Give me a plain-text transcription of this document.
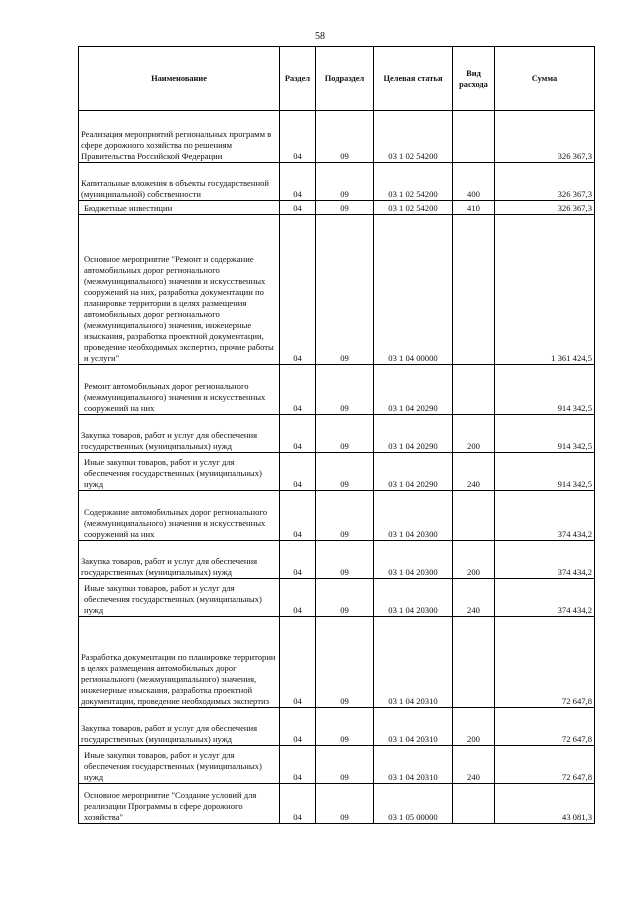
58
Наименование	Раздел	Подраздел	Целевая статья	Вид расхода	Сумма
Реализация мероприятий региональных программ в сфере дорожного хозяйства по решениям Правительства Российской Федерации	04	09	03 1 02 54200		326 367,3
Капитальные вложения в объекты государственной (муниципальной) собственности	04	09	03 1 02 54200	400	326 367,3
Бюджетные инвестиции	04	09	03 1 02 54200	410	326 367,3
Основное мероприятие "Ремонт и содержание автомобильных дорог регионального (межмуниципального) значения и искусственных сооружений на них, разработка документации по планировке территории в целях размещения автомобильных дорог регионального (межмуниципального) значения, инженерные изыскания, разработка проектной документации, проведение необходимых экспертиз, прочие работы и услуги"	04	09	03 1 04 00000		1 361 424,5
Ремонт автомобильных дорог регионального (межмуниципального) значения и искусственных сооружений на них	04	09	03 1 04 20290		914 342,5
Закупка товаров, работ и услуг для обеспечения государственных (муниципальных) нужд	04	09	03 1 04 20290	200	914 342,5
Иные закупки товаров, работ и услуг для обеспечения государственных (муниципальных) нужд	04	09	03 1 04 20290	240	914 342,5
Содержание автомобильных дорог регионального (межмуниципального) значения и искусственных сооружений на них	04	09	03 1 04 20300		374 434,2
Закупка товаров, работ и услуг для обеспечения государственных (муниципальных) нужд	04	09	03 1 04 20300	200	374 434,2
Иные закупки товаров, работ и услуг для обеспечения государственных (муниципальных) нужд	04	09	03 1 04 20300	240	374 434,2
Разработка документации по планировке территории в целях размещения автомобильных дорог регионального (межмуниципального) значения, инженерные изыскания, разработка проектной документации, проведение необходимых экспертиз	04	09	03 1 04 20310		72 647,8
Закупка товаров, работ и услуг для обеспечения государственных (муниципальных) нужд	04	09	03 1 04 20310	200	72 647,8
Иные закупки товаров, работ и услуг для обеспечения государственных (муниципальных) нужд	04	09	03 1 04 20310	240	72 647,8
Основное мероприятие "Создание условий для реализации Программы в сфере дорожного хозяйства"	04	09	03 1 05 00000		43 081,3
